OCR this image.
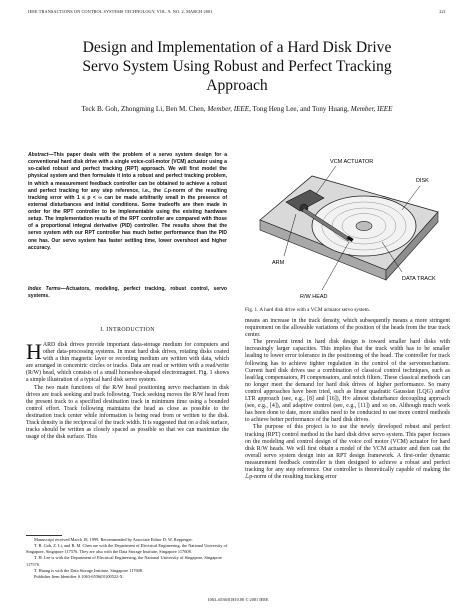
IEEE TRANSACTIONS ON CONTROL SYSTEMS TECHNOLOGY, VOL. 9, NO. 2, MARCH 2001	221
Design and Implementation of a Hard Disk Drive
Servo System Using Robust and Perfect Tracking
Approach
Teck B. Goh, Zhongming Li, Ben M. Chen, Member, IEEE, Tong Heng Lee, and Tony Huang, Member, IEEE
Abstract—This paper deals with the problem of a servo system design for a conventional hard disk drive with a single voice-coil-motor (VCM) actuator using a so-called robust and perfect tracking (RPT) approach. We will first model the physical system and then formulate it into a robust and perfect tracking problem, in which a measurement feedback controller can be obtained to achieve a robust and perfect tracking for any step reference, i.e., the ℒp-norm of the resulting tracking error with 1 ≤ p < ∞ can be made arbitrarily small in the presence of external disturbances and initial conditions. Some tradeoffs are then made in order for the RPT controller to be implementable using the existing hardware setup. The implementation results of the RPT controller are compared with those of a proportional integral derivative (PID) controller. The results show that the servo system with our RPT controller has much better performance than the PID one has. Our servo system has faster settling time, lower overshoot and higher accuracy.
Index Terms—Actuators, modeling, perfect tracking, robust control, servo systems.
I. INTRODUCTION

HARD disk drives provide important data-storage medium for computers and other data-processing systems. In most hard disk drives, rotating disks coated with a thin magnetic layer or recording medium are written with data, which are arranged in concentric circles or tracks. Data are read or written with a read/write (R/W) head, which consists of a small horseshoe-shaped electromagnet. Fig. 1 shows a simple illustration of a typical hard disk servo system.

The two main functions of the R/W head positioning servo mechanism in disk drives are track seeking and track following. Track seeking moves the R/W head from the present track to a specified destination track in minimum time using a bounded control effort. Track following maintains the head as close as possible to the destination track center while information is being read from or written to the disk. Track density is the reciprocal of the track width. It is suggested that on a disk surface, tracks should be written as closely spaced as possible so that we can maximize the usage of the disk surface. This

Manuscript received March 18, 1999. Recommended by Associate Editor D. W. Repperger.

T. B. Goh, Z. Li, and B. M. Chen are with the Department of Electrical Engineering, the National University of Singapore, Singapore 117576. They are also with the Data Storage Institute, Singapore 117608.

T. H. Lee is with the Department of Electrical Engineering, the National University of Singapore, Singapore 117576.

T. Huang is with the Data Storage Institute, Singapore 117608.

Publisher Item Identifier S 1063-6536(01)00522-X.

VCM ACTUATOR
DISK
ARM
DATA TRACK
R/W HEAD
Fig. 1. A hard disk drive with a VCM actuator servo system.

means an increase in the track density, which subsequently means a more stringent requirement on the allowable variations of the position of the heads from the true track center.

The prevalent trend in hard disk design is toward smaller hard disks with increasingly larger capacities. This implies that the track width has to be smaller leading to lower error tolerance in the positioning of the head. The controller for track following has to achieve tighter regulation in the control of the servomechanism. Current hard disk drives use a combination of classical control techniques, such as lead/lag compensators, PI compensators, and notch filters. These classical methods can no longer meet the demand for hard disk drives of higher performance. So many control approaches have been tried, such as linear quadratic Gaussian (LQG) and/or LTR approach (see, e.g., [8] and [16]), H∞ almost disturbance decoupling approach (see, e.g., [4]), and adaptive control (see, e.g., [11]) and so on. Although much work has been done to date, more studies need to be conducted to use more control methods to achieve better performance of the hard disk drives.

The purpose of this project is to use the newly developed robust and perfect tracking (RPT) control method in the hard disk drive servo system. This paper focuses on the modeling and control design of the voice coil motor (VCM) actuator for hard disk R/W heads. We will first obtain a model of the VCM actuator and then cast the overall servo system design into an RPT design framework. A first-order dynamic measurement feedback controller is then designed to achieve a robust and perfect tracking for any step reference. Our controller is theoretically capable of making the ℒp-norm of the resulting tracking error

1063–6536/01$10.00 © 2001 IEEE
